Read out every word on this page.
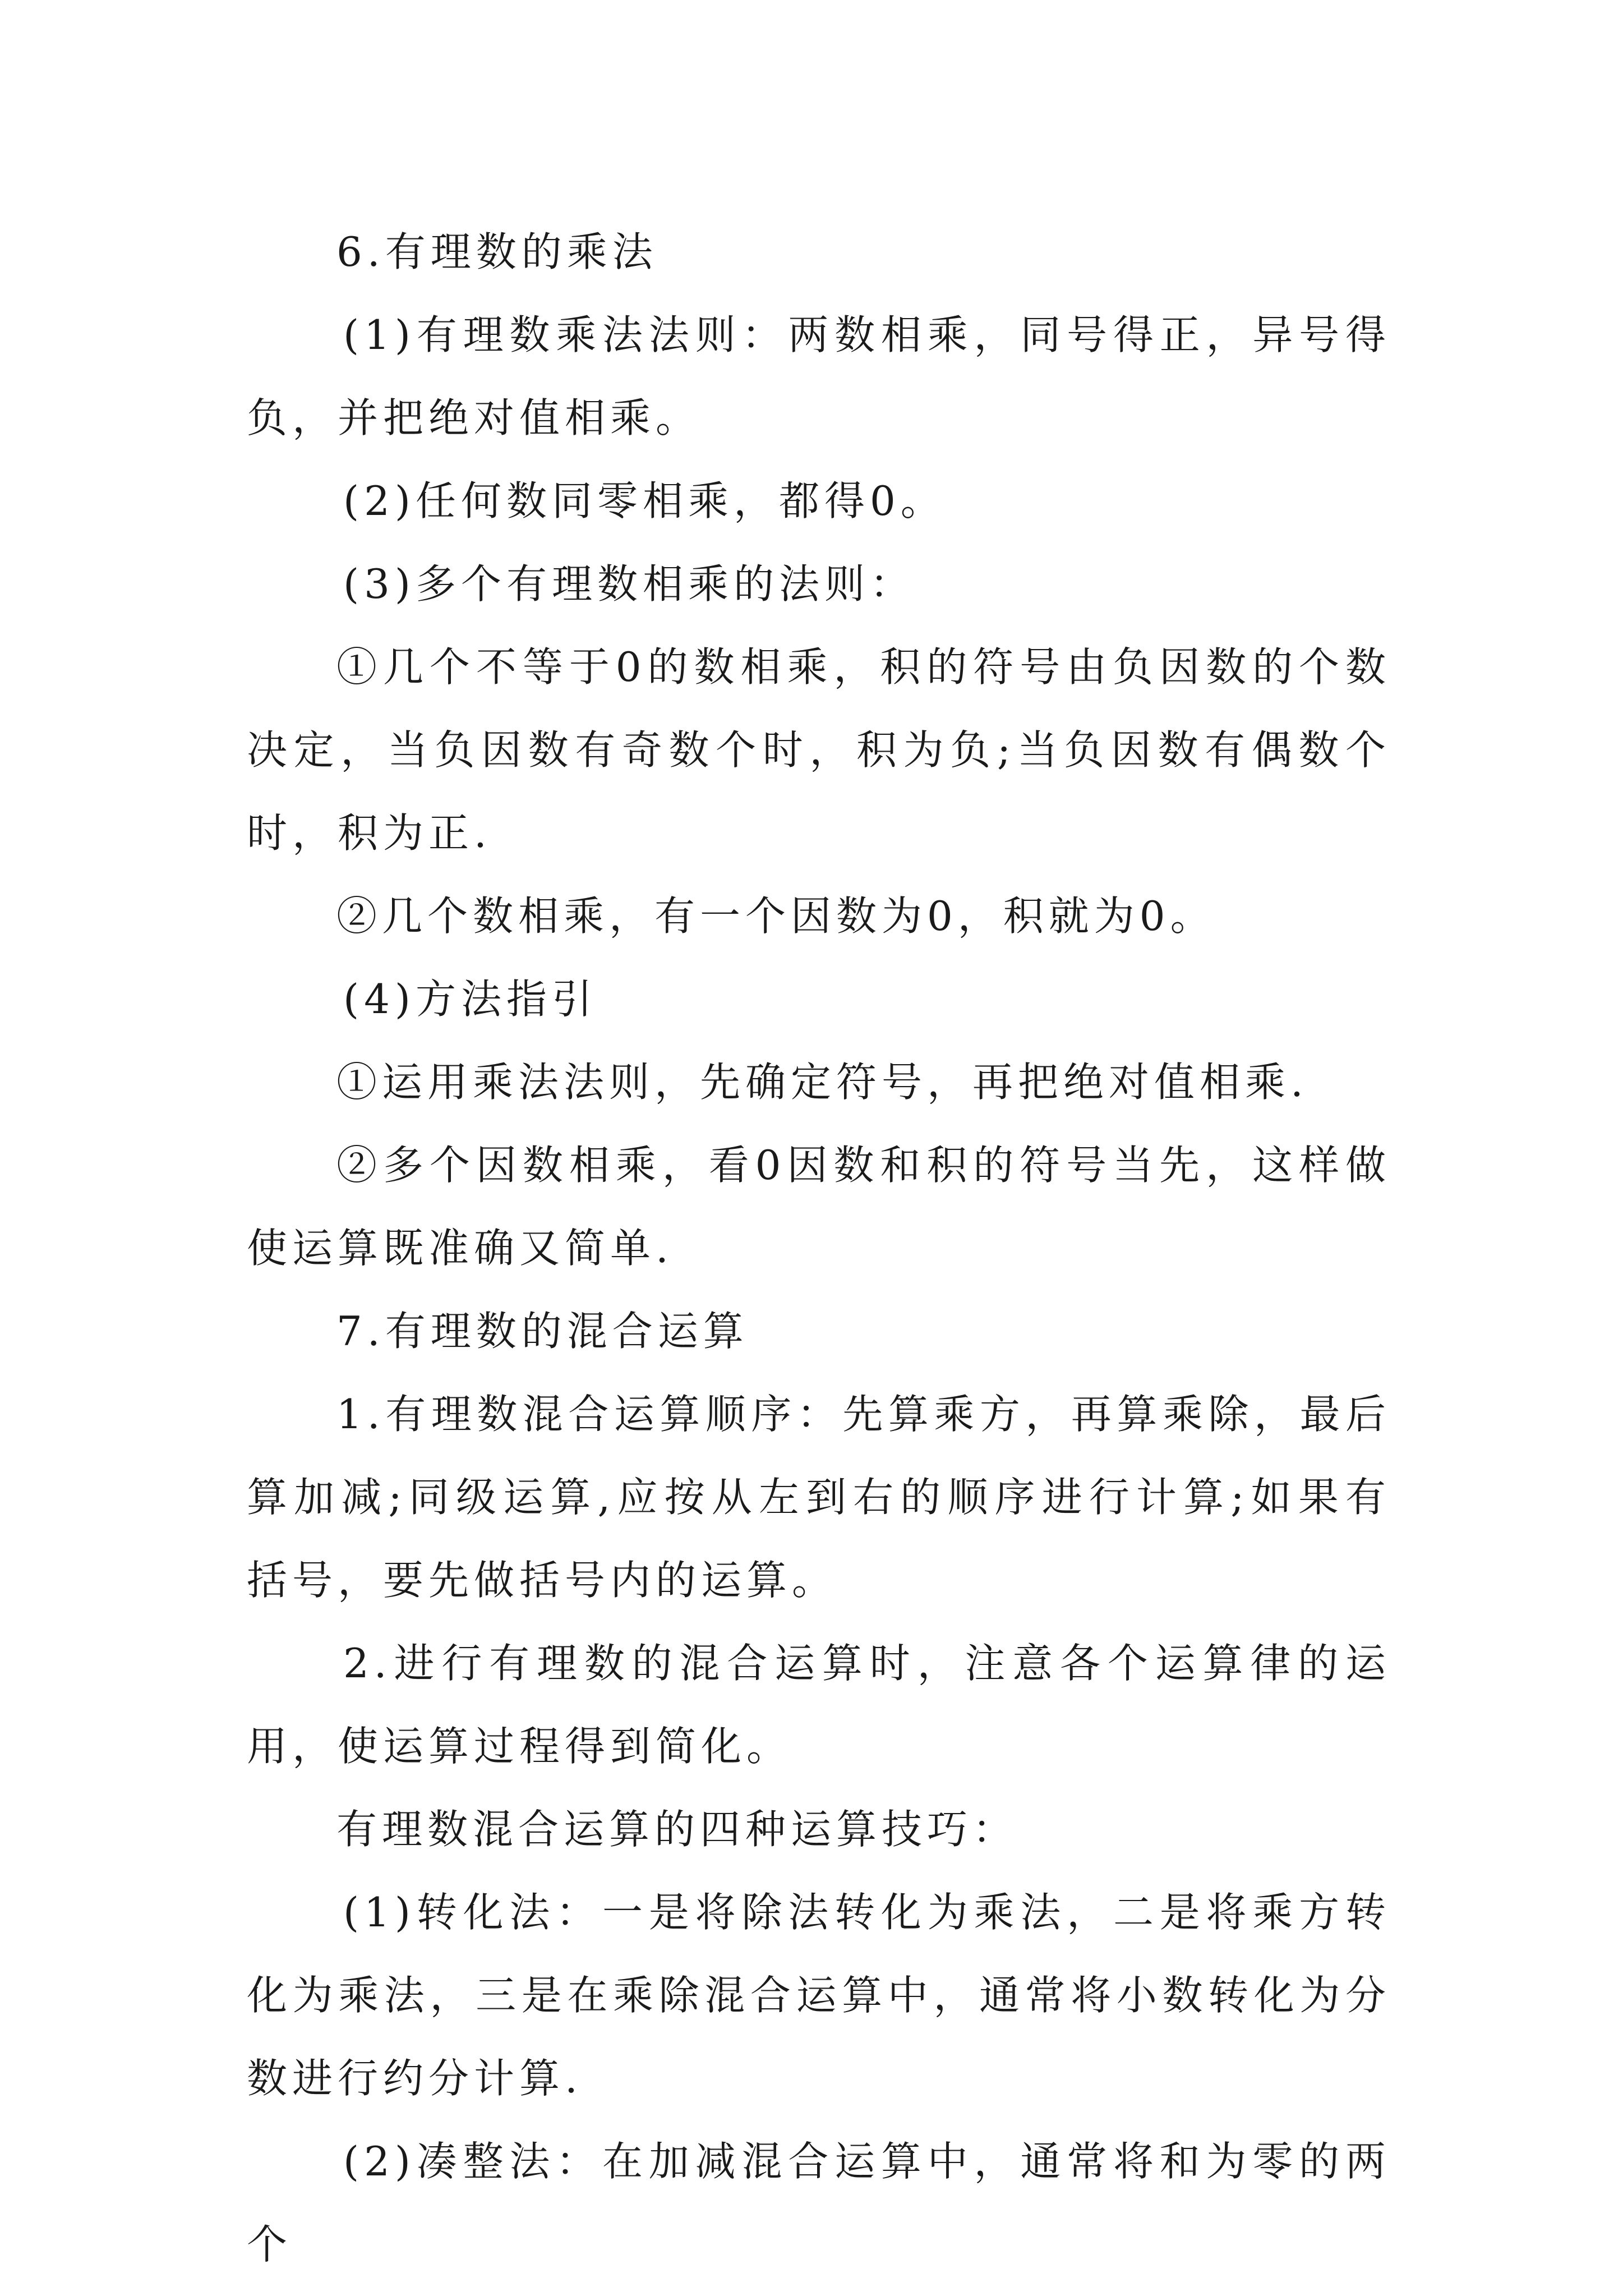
6.有理数的乘法

(1)有理数乘法法则：两数相乘，同号得正，异号得负，并把绝对值相乘。

(2)任何数同零相乘，都得0。

(3)多个有理数相乘的法则：

①几个不等于0的数相乘，积的符号由负因数的个数决定，当负因数有奇数个时，积为负;当负因数有偶数个时，积为正.

②几个数相乘，有一个因数为0，积就为0。

(4)方法指引

①运用乘法法则，先确定符号，再把绝对值相乘.

②多个因数相乘，看0因数和积的符号当先，这样做使运算既准确又简单.

7.有理数的混合运算

1.有理数混合运算顺序：先算乘方，再算乘除，最后算加减;同级运算,应按从左到右的顺序进行计算;如果有括号，要先做括号内的运算。

2.进行有理数的混合运算时，注意各个运算律的运用，使运算过程得到简化。

有理数混合运算的四种运算技巧：

(1)转化法：一是将除法转化为乘法，二是将乘方转化为乘法，三是在乘除混合运算中，通常将小数转化为分数进行约分计算.

(2)凑整法：在加减混合运算中，通常将和为零的两个
